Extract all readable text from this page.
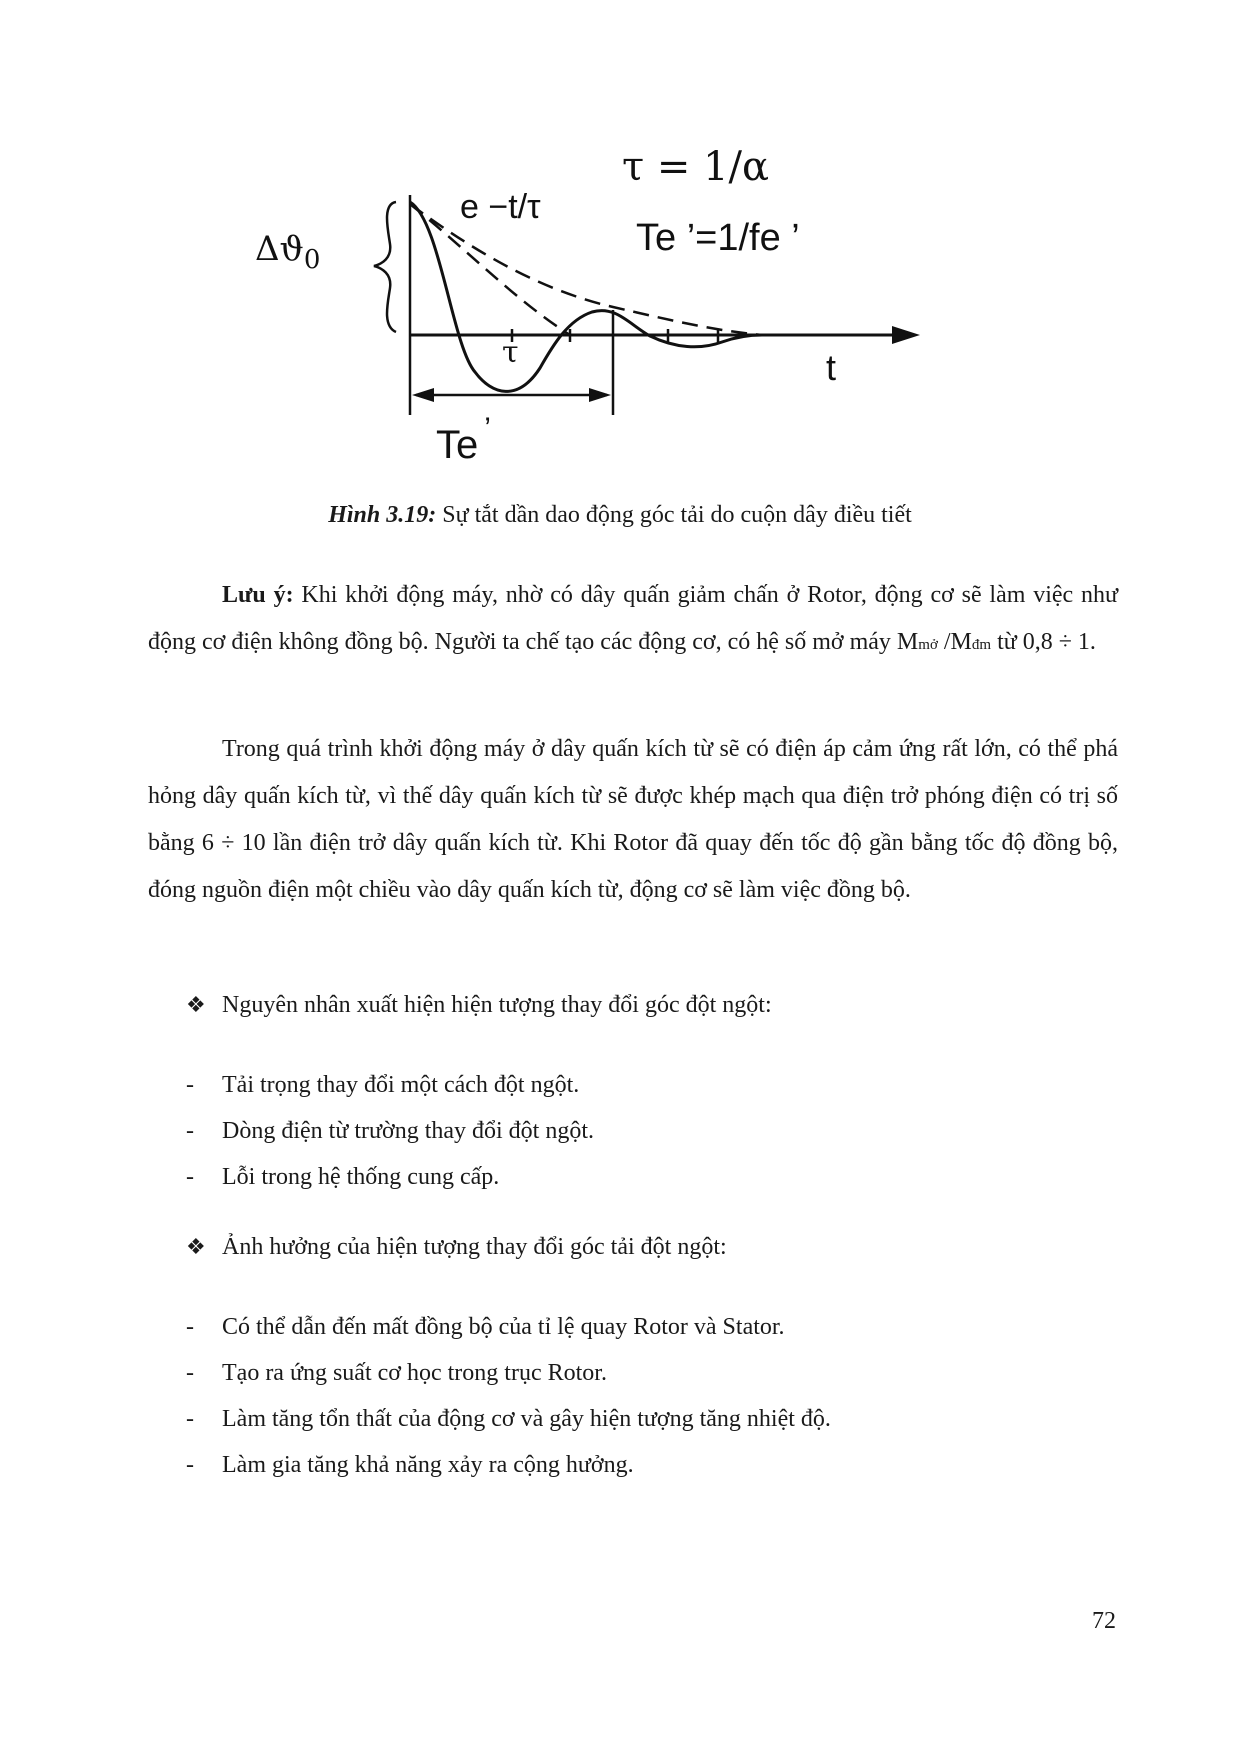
τ = 1/α
Te ’=1/fe ’
e −t/τ
$\Delta ϑ_0$
τ	t
Te ’
Hình 3.19: Sự tắt dần dao động góc tải do cuộn dây điều tiết

Lưu ý: Khi khởi động máy, nhờ có dây quấn giảm chấn ở Rotor, động cơ sẽ làm việc như động cơ điện không đồng bộ. Người ta chế tạo các động cơ, có hệ số mở máy Mmở /Mđm từ 0,8 ÷ 1.

Trong quá trình khởi động máy ở dây quấn kích từ sẽ có điện áp cảm ứng rất lớn, có thể phá hỏng dây quấn kích từ, vì thế dây quấn kích từ sẽ được khép mạch qua điện trở phóng điện có trị số bằng 6 ÷ 10 lần điện trở dây quấn kích từ. Khi Rotor đã quay đến tốc độ gần bằng tốc độ đồng bộ, đóng nguồn điện một chiều vào dây quấn kích từ, động cơ sẽ làm việc đồng bộ.

❖ Nguyên nhân xuất hiện hiện tượng thay đổi góc đột ngột:
- Tải trọng thay đổi một cách đột ngột.
- Dòng điện từ trường thay đổi đột ngột.
- Lỗi trong hệ thống cung cấp.
❖ Ảnh hưởng của hiện tượng thay đổi góc tải đột ngột:
- Có thể dẫn đến mất đồng bộ của tỉ lệ quay Rotor và Stator.
- Tạo ra ứng suất cơ học trong trục Rotor.
- Làm tăng tổn thất của động cơ và gây hiện tượng tăng nhiệt độ.
- Làm gia tăng khả năng xảy ra cộng hưởng.
72
